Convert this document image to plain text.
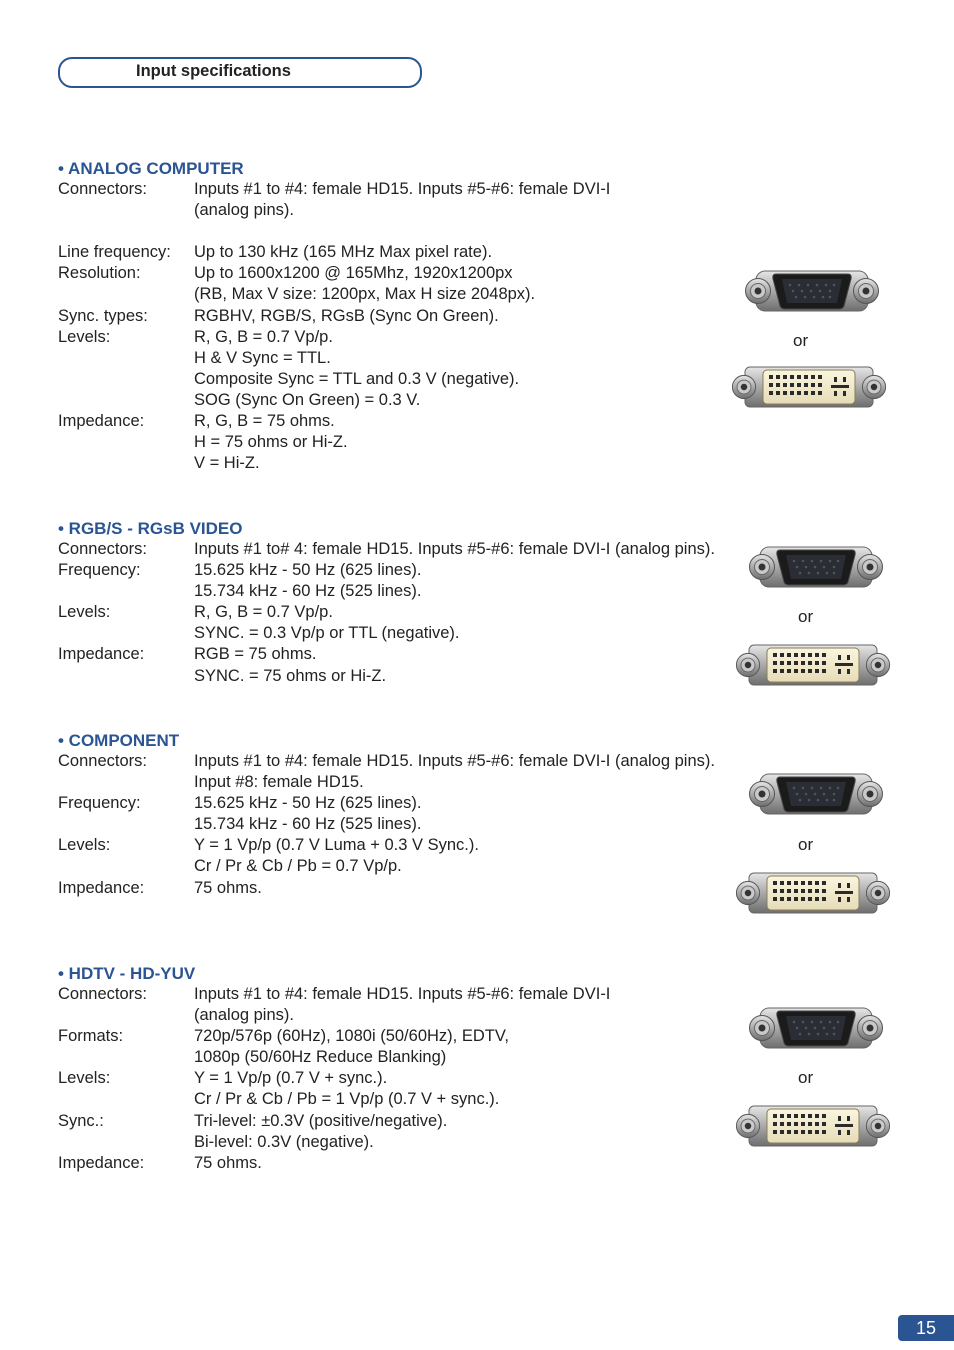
Input specifications
• ANALOG COMPUTER
Connectors:	Inputs #1 to #4: female HD15. Inputs #5-#6: female DVI-I
(analog pins).
Line frequency:	Up to 130 kHz (165 MHz Max pixel rate).
Resolution:	Up to 1600x1200 @ 165Mhz, 1920x1200px
(RB, Max V size: 1200px, Max H size 2048px).
Sync. types:	RGBHV, RGB/S, RGsB (Sync On Green).
Levels:	R, G, B = 0.7 Vp/p.
H & V Sync = TTL.
Composite Sync = TTL and 0.3 V (negative).
SOG (Sync On Green) = 0.3 V.
Impedance:	R, G, B = 75 ohms.
H = 75 ohms or Hi-Z.
V = Hi-Z.
• RGB/S - RGsB VIDEO
Connectors:	Inputs #1 to# 4: female HD15. Inputs #5-#6: female DVI-I (analog pins).
Frequency:	15.625 kHz - 50 Hz (625 lines).
15.734 kHz - 60 Hz (525 lines).
Levels:	R, G, B = 0.7 Vp/p.
SYNC. = 0.3 Vp/p or TTL (negative).
Impedance:	RGB = 75 ohms.
SYNC. = 75 ohms or Hi-Z.
• COMPONENT
Connectors:	Inputs #1 to #4: female HD15. Inputs #5-#6: female DVI-I (analog pins).
Input #8: female HD15.
Frequency:	15.625 kHz - 50 Hz (625 lines).
15.734 kHz - 60 Hz (525 lines).
Levels:	Y = 1 Vp/p (0.7 V Luma + 0.3 V Sync.).
Cr / Pr & Cb / Pb = 0.7 Vp/p.
Impedance:	75 ohms.
• HDTV - HD-YUV
Connectors:	Inputs #1 to #4: female HD15. Inputs #5-#6: female DVI-I
(analog pins).
Formats:	720p/576p (60Hz), 1080i (50/60Hz), EDTV,
1080p (50/60Hz Reduce Blanking)
Levels:	Y = 1 Vp/p (0.7 V + sync.).
Cr / Pr & Cb / Pb = 1 Vp/p (0.7 V + sync.).
Sync.:	Tri-level: ±0.3V (positive/negative).
Bi-level: 0.3V (negative).
Impedance:	75 ohms.
or
or
or
or
15
